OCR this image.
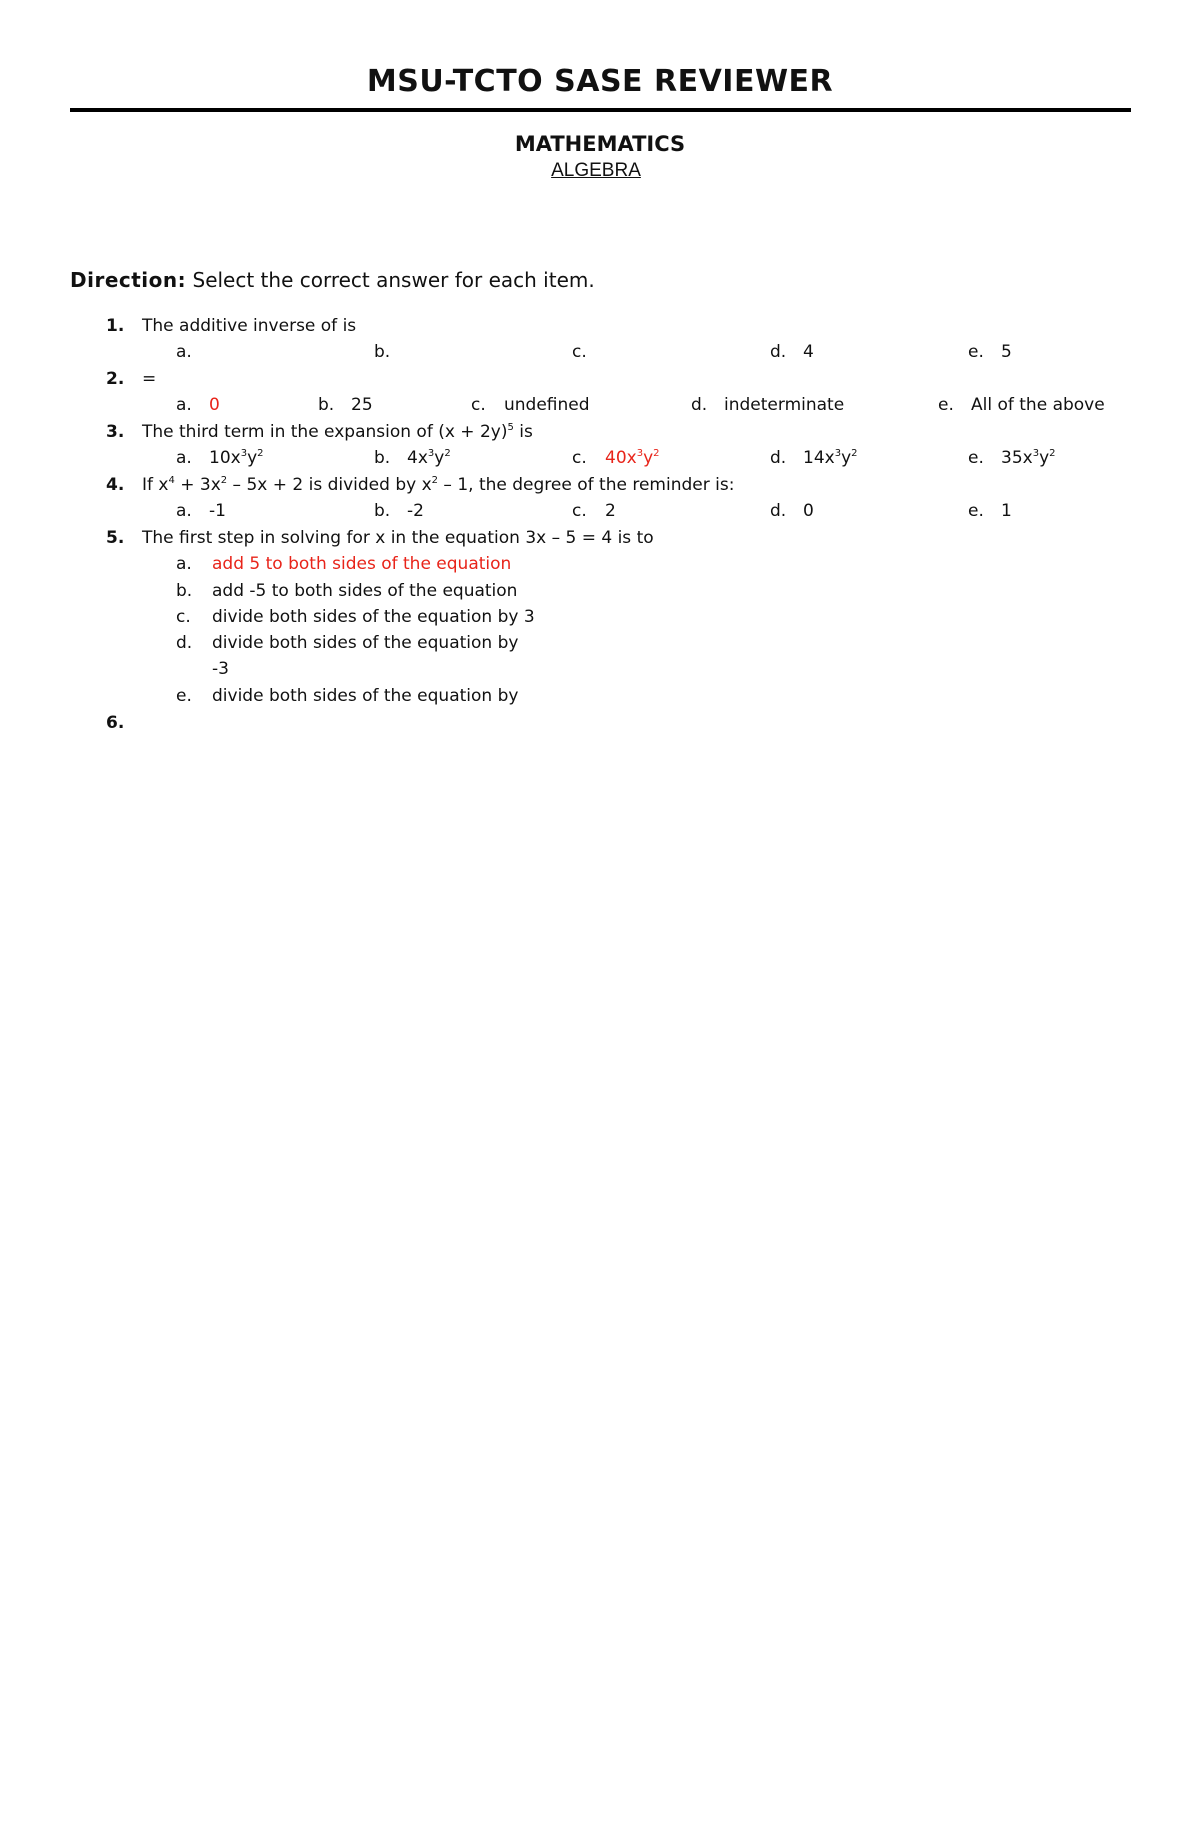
MSU-TCTO SASE REVIEWER
MATHEMATICS
ALGEBRA
Direction: Select the correct answer for each item.
1. The additive inverse of is
a.	b.	c.	d. 4	e. 5
2. =
a. 0	b. 25	c. undefined	d. indeterminate	e. All of the above
3. The third term in the expansion of $(x + 2y)^5$ is
a. $10x^3y^2$	b. $4x^3y^2$	c. $40x^3y^2$	d. $14x^3y^2$	e. $35x^3y^2$
4. If $x^4 + 3x^2 - 5x + 2$ is divided by $x^2 - 1$, the degree of the reminder is:
a. -1	b. -2	c. 2	d. 0	e. 1
5. The first step in solving for x in the equation 3x – 5 = 4 is to
a. add 5 to both sides of the equation
b. add -5 to both sides of the equation
c. divide both sides of the equation by 3
d. divide both sides of the equation by
-3
e. divide both sides of the equation by
6.
